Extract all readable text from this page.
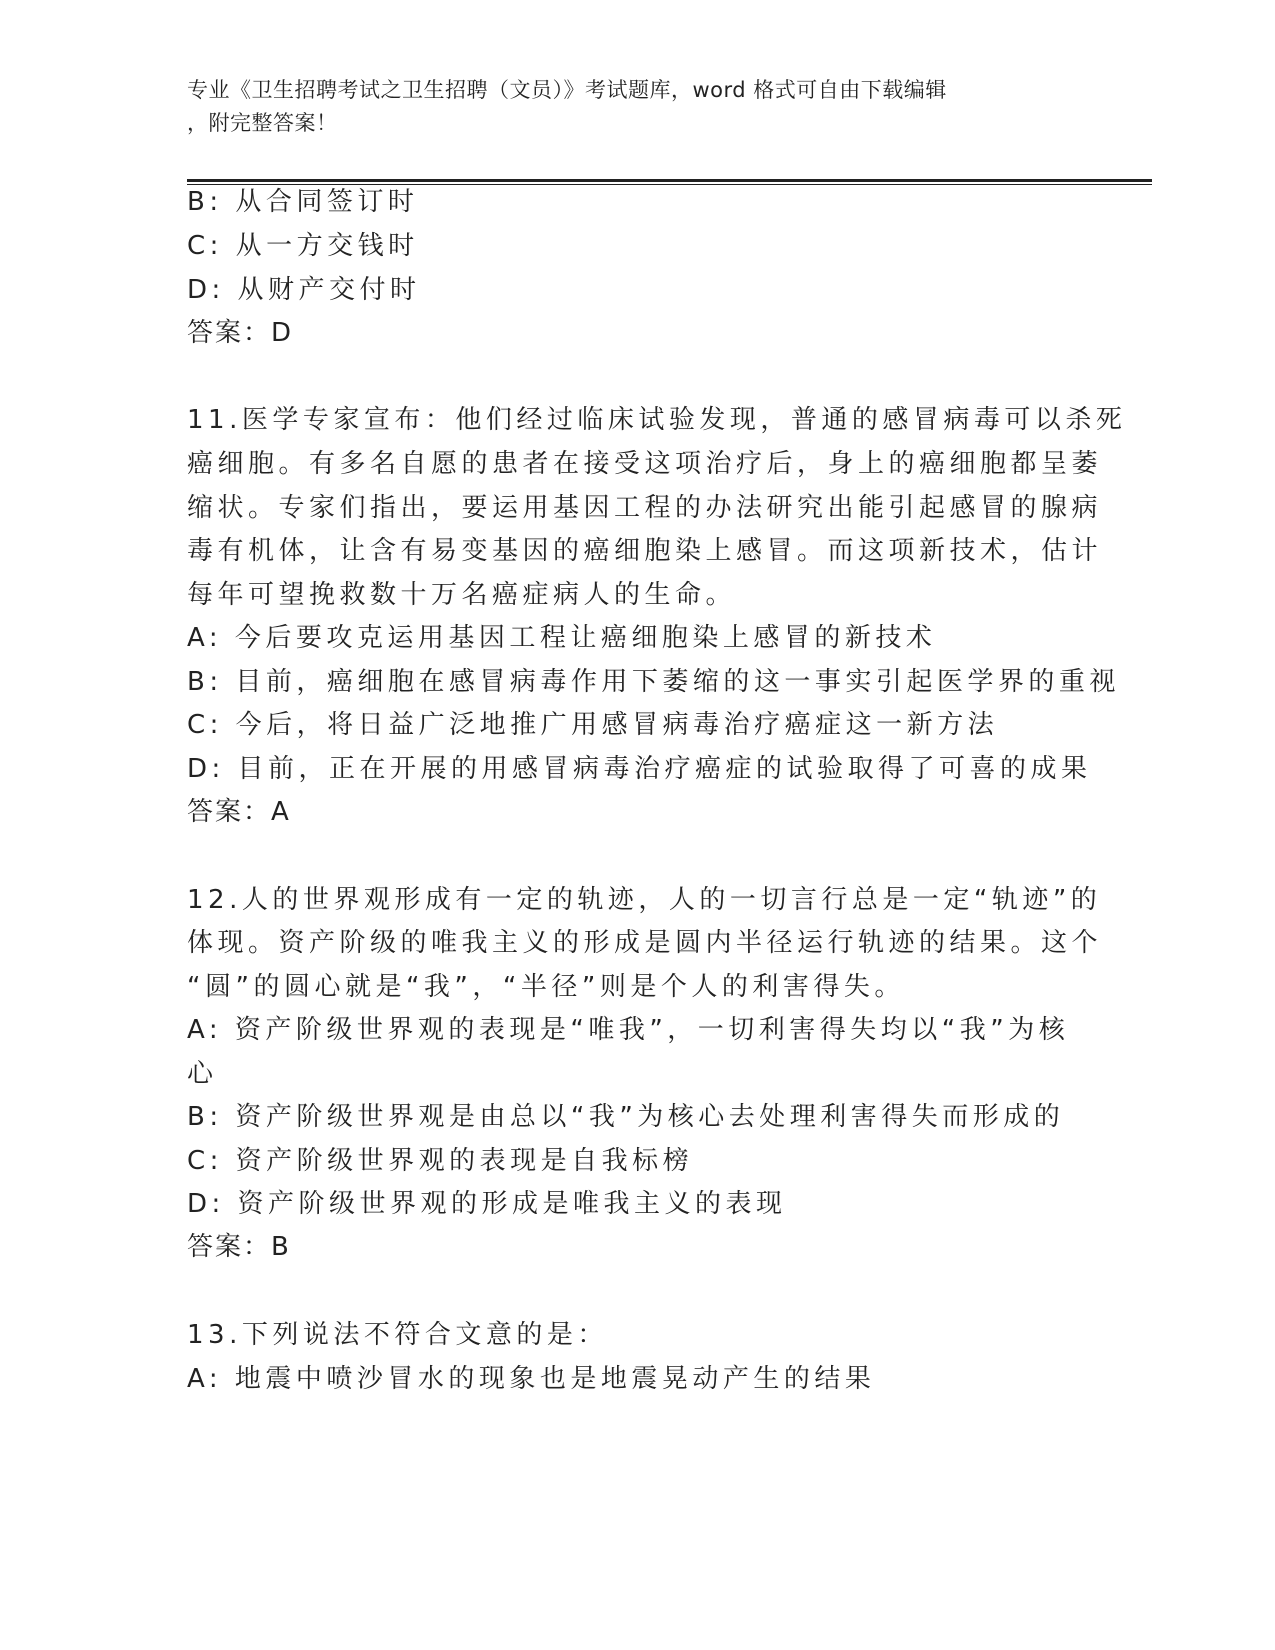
专业《卫生招聘考试之卫生招聘（文员）》考试题库，word 格式可自由下载编辑
，附完整答案！
B: 从合同签订时
C: 从一方交钱时
D: 从财产交付时
答案：D
11.医学专家宣布：他们经过临床试验发现，普通的感冒病毒可以杀死
癌细胞。有多名自愿的患者在接受这项治疗后，身上的癌细胞都呈萎
缩状。专家们指出，要运用基因工程的办法研究出能引起感冒的腺病
毒有机体，让含有易变基因的癌细胞染上感冒。而这项新技术，估计
每年可望挽救数十万名癌症病人的生命。
A: 今后要攻克运用基因工程让癌细胞染上感冒的新技术
B: 目前，癌细胞在感冒病毒作用下萎缩的这一事实引起医学界的重视
C: 今后，将日益广泛地推广用感冒病毒治疗癌症这一新方法
D: 目前，正在开展的用感冒病毒治疗癌症的试验取得了可喜的成果
答案：A
12.人的世界观形成有一定的轨迹，人的一切言行总是一定“轨迹”的
体现。资产阶级的唯我主义的形成是圆内半径运行轨迹的结果。这个
“圆”的圆心就是“我”，“半径”则是个人的利害得失。
A: 资产阶级世界观的表现是“唯我”，一切利害得失均以“我”为核
心
B: 资产阶级世界观是由总以“我”为核心去处理利害得失而形成的
C: 资产阶级世界观的表现是自我标榜
D: 资产阶级世界观的形成是唯我主义的表现
答案：B
13.下列说法不符合文意的是：
A: 地震中喷沙冒水的现象也是地震晃动产生的结果
